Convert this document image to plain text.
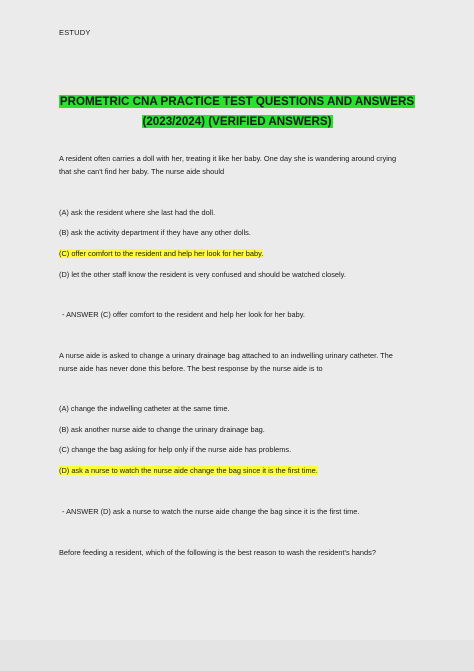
ESTUDY
PROMETRIC CNA PRACTICE TEST QUESTIONS AND ANSWERS
(2023/2024) (VERIFIED ANSWERS)
A resident often carries a doll with her, treating it like her baby. One day she is wandering around crying
that she can't find her baby. The nurse aide should
(A) ask the resident where she last had the doll.
(B) ask the activity department if they have any other dolls.
(C) offer comfort to the resident and help her look for her baby.
(D) let the other staff know the resident is very confused and should be watched closely.
- ANSWER (C) offer comfort to the resident and help her look for her baby.
A nurse aide is asked to change a urinary drainage bag attached to an indwelling urinary catheter. The
nurse aide has never done this before. The best response by the nurse aide is to
(A) change the indwelling catheter at the same time.
(B) ask another nurse aide to change the urinary drainage bag.
(C) change the bag asking for help only if the nurse aide has problems.
(D) ask a nurse to watch the nurse aide change the bag since it is the first time.
- ANSWER (D) ask a nurse to watch the nurse aide change the bag since it is the first time.
Before feeding a resident, which of the following is the best reason to wash the resident's hands?
